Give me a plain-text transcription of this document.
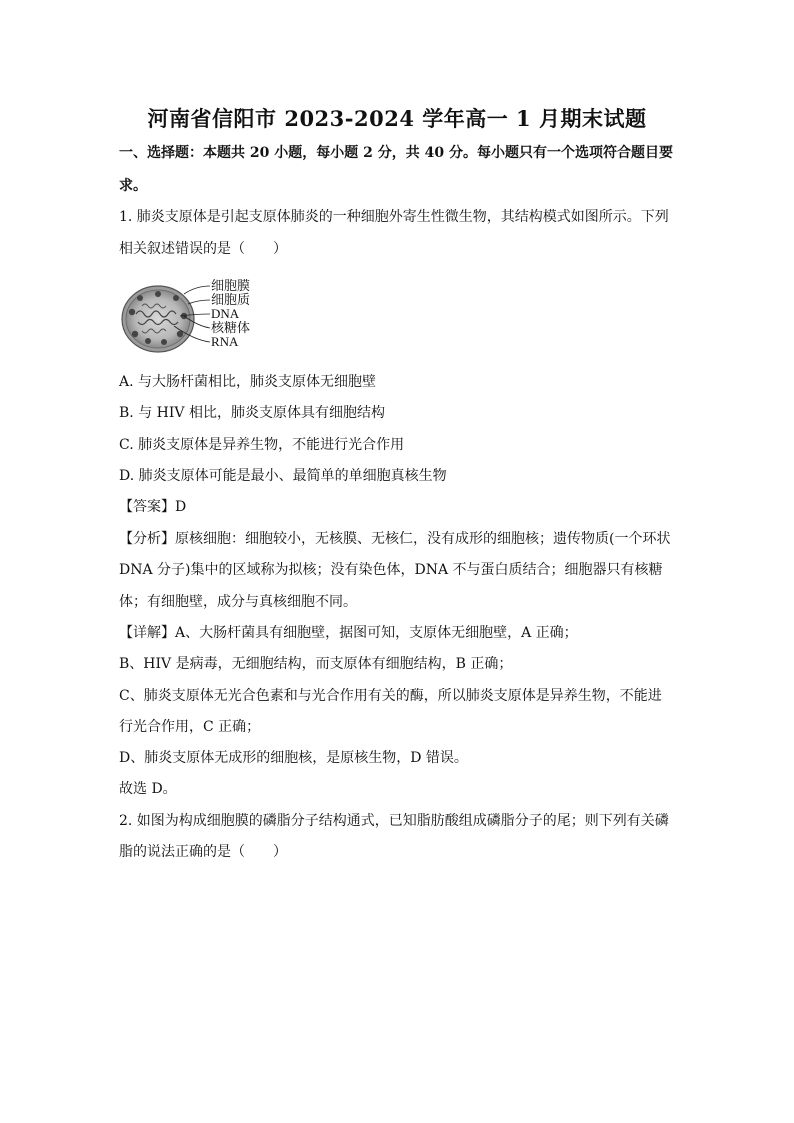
河南省信阳市 2023-2024 学年高一 1 月期末试题
一、选择题：本题共 20 小题，每小题 2 分，共 40 分。每小题只有一个选项符合题目要
求。
1. 肺炎支原体是引起支原体肺炎的一种细胞外寄生性微生物，其结构模式如图所示。下列
相关叙述错误的是（　　）
细胞膜
细胞质
DNA
核糖体
RNA
A. 与大肠杆菌相比，肺炎支原体无细胞壁
B. 与 HIV 相比，肺炎支原体具有细胞结构
C. 肺炎支原体是异养生物，不能进行光合作用
D. 肺炎支原体可能是最小、最简单的单细胞真核生物
【答案】D
【分析】原核细胞：细胞较小，无核膜、无核仁，没有成形的细胞核；遗传物质(一个环状
DNA 分子)集中的区域称为拟核；没有染色体，DNA 不与蛋白质结合；细胞器只有核糖
体；有细胞壁，成分与真核细胞不同。
【详解】A、大肠杆菌具有细胞壁，据图可知，支原体无细胞壁，A 正确；
B、HIV 是病毒，无细胞结构，而支原体有细胞结构，B 正确；
C、肺炎支原体无光合色素和与光合作用有关的酶，所以肺炎支原体是异养生物，不能进
行光合作用，C 正确；
D、肺炎支原体无成形的细胞核，是原核生物，D 错误。
故选 D。
2. 如图为构成细胞膜的磷脂分子结构通式，已知脂肪酸组成磷脂分子的尾；则下列有关磷
脂的说法正确的是（　　）
